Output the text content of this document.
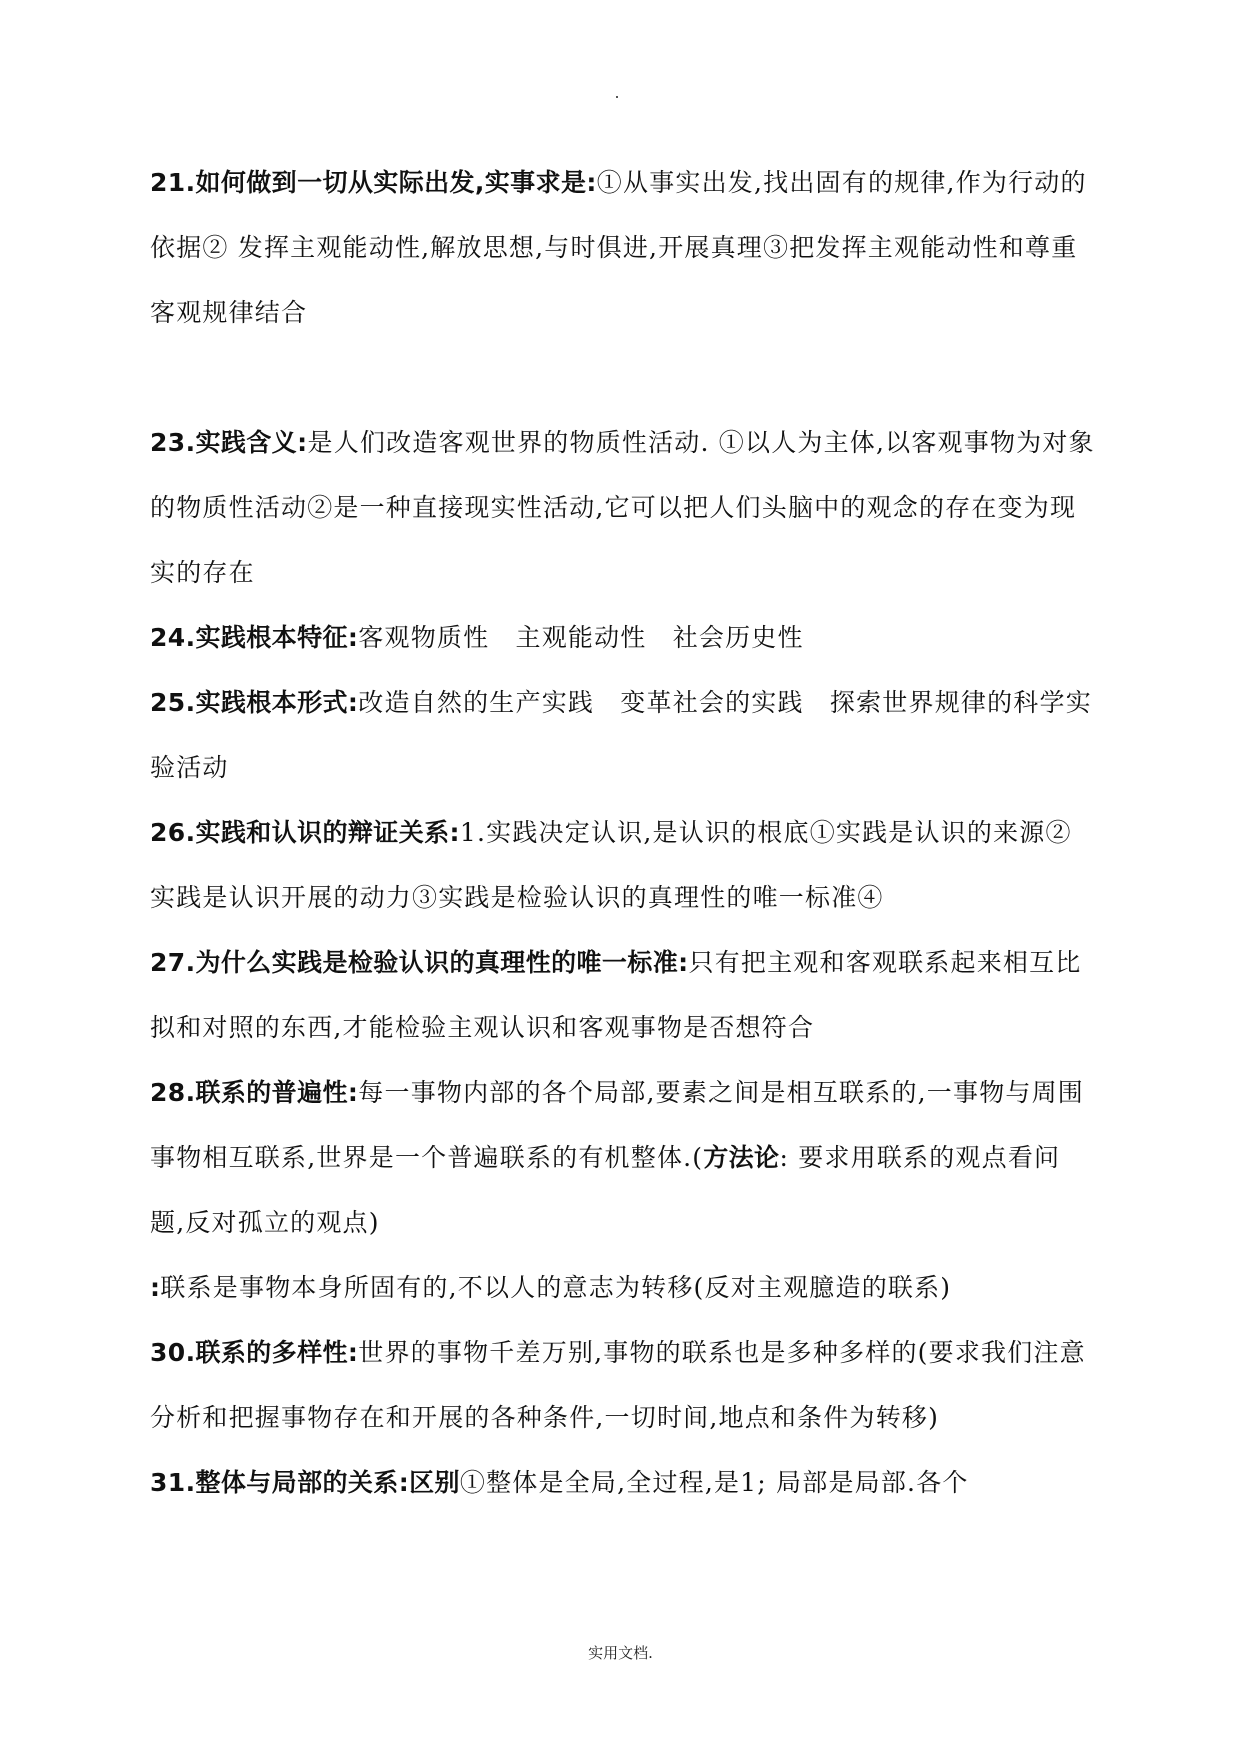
21.如何做到一切从实际出发,实事求是:①从事实出发,找出固有的规律,作为行动的依据② 发挥主观能动性,解放思想,与时俱进,开展真理③把发挥主观能动性和尊重客观规律结合

23.实践含义:是人们改造客观世界的物质性活动. ①以人为主体,以客观事物为对象的物质性活动②是一种直接现实性活动,它可以把人们头脑中的观念的存在变为现实的存在

24.实践根本特征:客观物质性　主观能动性　社会历史性

25.实践根本形式:改造自然的生产实践　变革社会的实践　探索世界规律的科学实验活动

26.实践和认识的辩证关系:1.实践决定认识,是认识的根底①实践是认识的来源②实践是认识开展的动力③实践是检验认识的真理性的唯一标准④

27.为什么实践是检验认识的真理性的唯一标准:只有把主观和客观联系起来相互比拟和对照的东西,才能检验主观认识和客观事物是否想符合

28.联系的普遍性:每一事物内部的各个局部,要素之间是相互联系的,一事物与周围事物相互联系,世界是一个普遍联系的有机整体.(方法论: 要求用联系的观点看问题,反对孤立的观点)

:联系是事物本身所固有的,不以人的意志为转移(反对主观臆造的联系)

30.联系的多样性:世界的事物千差万别,事物的联系也是多种多样的(要求我们注意分析和把握事物存在和开展的各种条件,一切时间,地点和条件为转移)

31.整体与局部的关系:区别①整体是全局,全过程,是1; 局部是局部.各个

实用文档.
